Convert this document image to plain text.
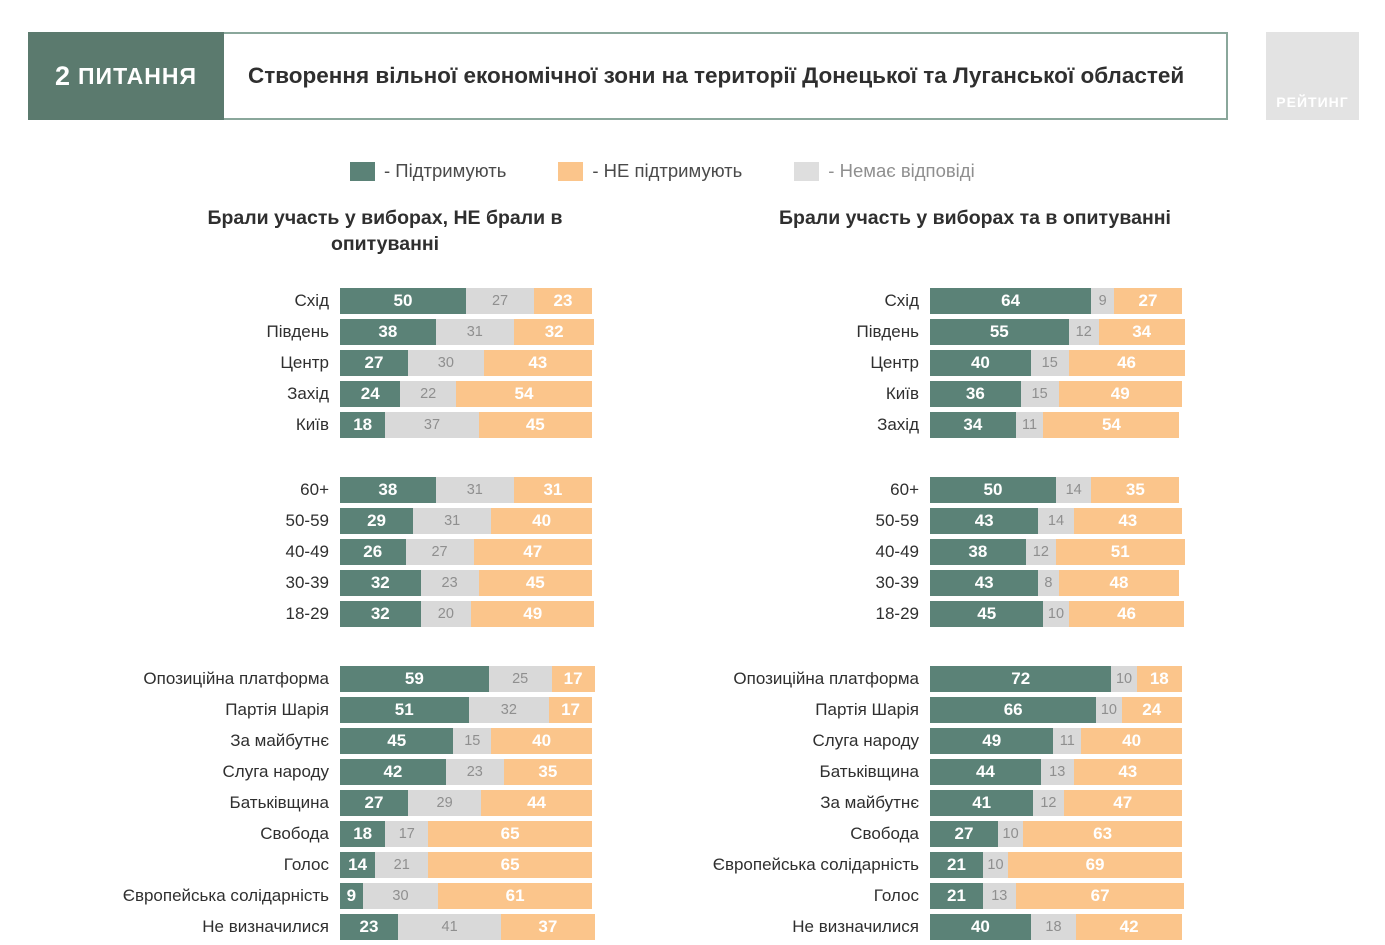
2 ПИТАННЯ Створення вільної економічної зони на території Донецької та Луганської областей
РЕЙТИНГ
- Підтримують	- НЕ підтримують	- Немає відповіді
Брали участь у виборах, НЕ брали в опитуванні
Брали участь у виборах та в опитуванні
Схід	50	27	23
Південь	38	31	32
Центр	27	30	43
Захід	24	22	54
Київ	18	37	45
60+	38	31	31
50-59	29	31	40
40-49	26	27	47
30-39	32	23	45
18-29	32	20	49
Опозиційна платформа	59	25	17
Партія Шарія	51	32	17
За майбутнє	45	15	40
Слуга народу	42	23	35
Батьківщина	27	29	44
Свобода	18	17	65
Голос	14	21	65
Європейська солідарність	9	30	61
Не визначилися	23	41	37
Схід	64	9	27
Південь	55	12	34
Центр	40	15	46
Київ	36	15	49
Захід	34	11	54
60+	50	14	35
50-59	43	14	43
40-49	38	12	51
30-39	43	8	48
18-29	45	10	46
Опозиційна платформа	72	10	18
Партія Шарія	66	10	24
Слуга народу	49	11	40
Батьківщина	44	13	43
За майбутнє	41	12	47
Свобода	27	10	63
Європейська солідарність	21	10	69
Голос	21	13	67
Не визначилися	40	18	42
